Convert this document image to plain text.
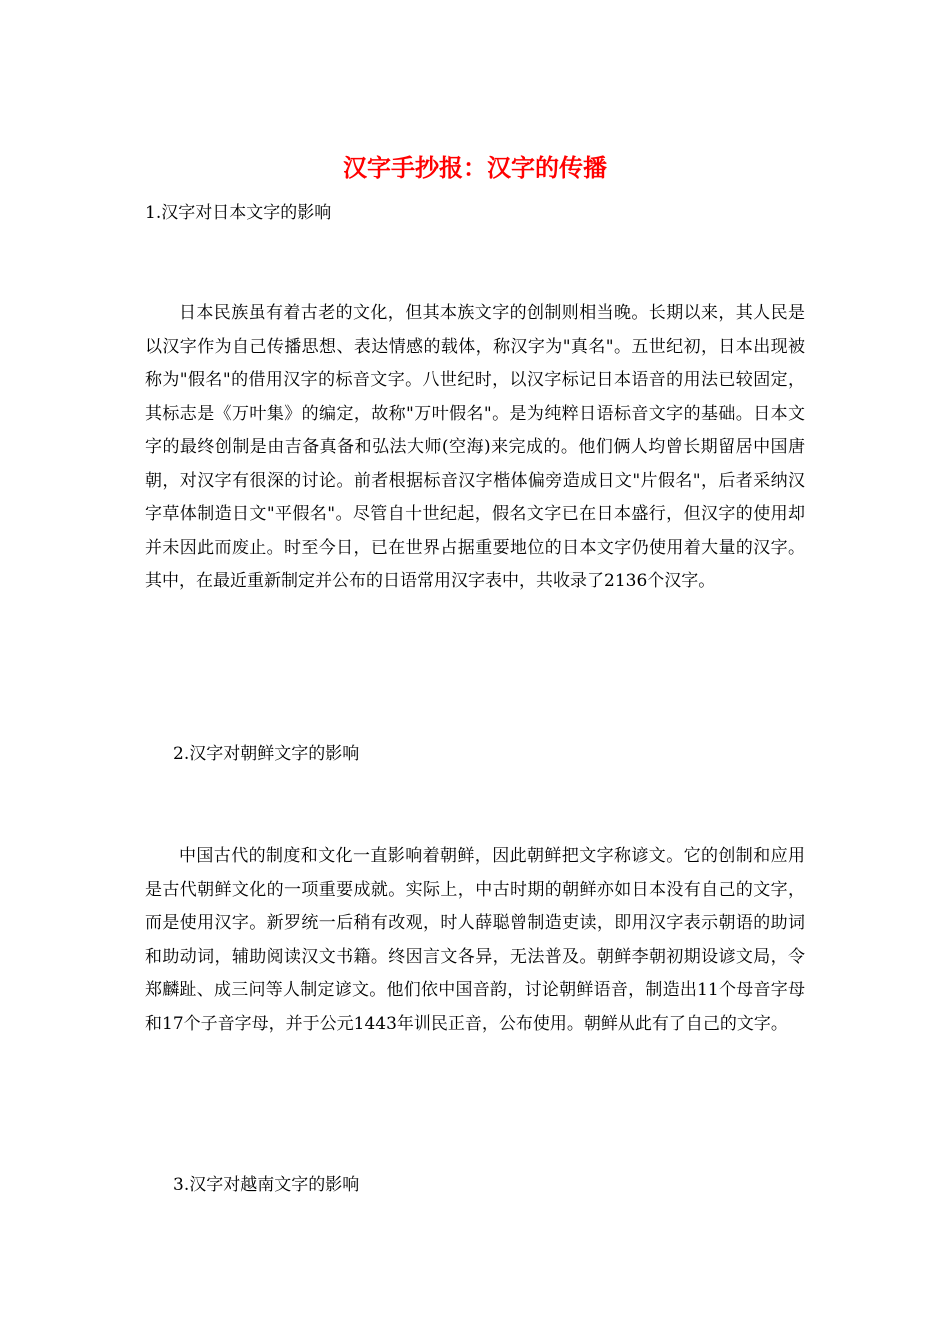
汉字手抄报：汉字的传播
1.汉字对日本文字的影响

日本民族虽有着古老的文化，但其本族文字的创制则相当晚。长期以来，其人民是以汉字作为自己传播思想、表达情感的载体，称汉字为"真名"。五世纪初，日本出现被称为"假名"的借用汉字的标音文字。八世纪时，以汉字标记日本语音的用法已较固定，其标志是《万叶集》的编定，故称"万叶假名"。是为纯粹日语标音文字的基础。日本文字的最终创制是由吉备真备和弘法大师(空海)来完成的。他们俩人均曾长期留居中国唐朝，对汉字有很深的讨论。前者根据标音汉字楷体偏旁造成日文"片假名"，后者采纳汉字草体制造日文"平假名"。尽管自十世纪起，假名文字已在日本盛行，但汉字的使用却并未因此而废止。时至今日，已在世界占据重要地位的日本文字仍使用着大量的汉字。其中，在最近重新制定并公布的日语常用汉字表中，共收录了2136个汉字。

2.汉字对朝鲜文字的影响

中国古代的制度和文化一直影响着朝鲜，因此朝鲜把文字称谚文。它的创制和应用是古代朝鲜文化的一项重要成就。实际上，中古时期的朝鲜亦如日本没有自己的文字，而是使用汉字。新罗统一后稍有改观，时人薛聪曾制造吏读，即用汉字表示朝语的助词和助动词，辅助阅读汉文书籍。终因言文各异，无法普及。朝鲜李朝初期设谚文局，令郑麟趾、成三问等人制定谚文。他们依中国音韵，讨论朝鲜语音，制造出11个母音字母和17个子音字母，并于公元1443年训民正音，公布使用。朝鲜从此有了自己的文字。

3.汉字对越南文字的影响
